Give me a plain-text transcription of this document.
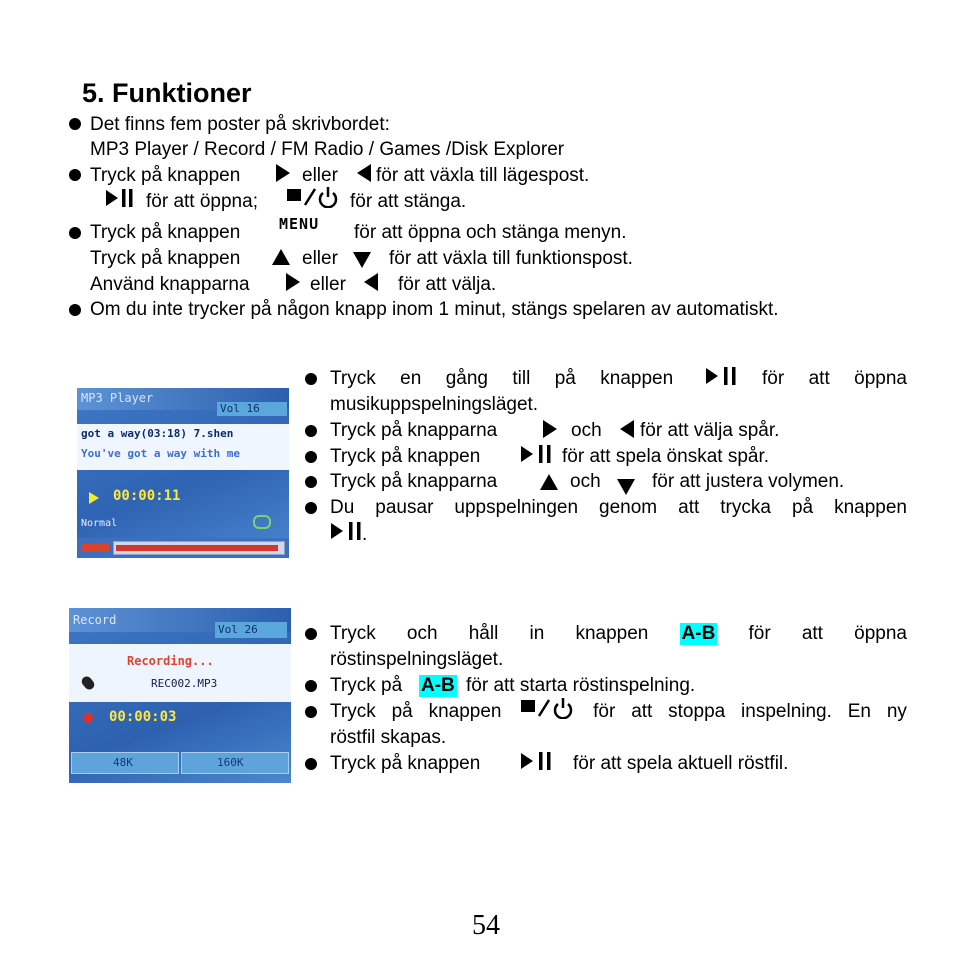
5. Funktioner
Det finns fem poster på skrivbordet:
MP3 Player / Record / FM Radio / Games /Disk Explorer
Tryck på knappen	eller för att växla till lägespost.
för att öppna;	för att stänga.
Tryck på knappen	MENU för att öppna och stänga menyn.
Tryck på knappen	eller	för att växla till funktionspost.
Använd knapparna	eller	för att välja.
Om du inte trycker på någon knapp inom 1 minut, stängs spelaren av automatiskt.
MP3 Player
Vol 16
got a way(03:18) 7.shen
You've got a way with me
00:00:11
Normal
Tryck en gång till på knappen	för att öppna
musikuppspelningsläget.
Tryck på knapparna	och för att välja spår.
Tryck på knappen	för att spela önskat spår.
Tryck på knapparna	och	för att justera volymen.
Du pausar uppspelningen genom att trycka på knappen
.
Record
Vol 26
Recording...
REC002.MP3
00:00:03
48K	160K
Tryck och håll in knappen A-B för att öppna
röstinspelningsläget.
Tryck på A-B för att starta röstinspelning.
Tryck på knappen	för att stoppa inspelning. En ny
röstfil skapas.
Tryck på knappen	för att spela aktuell röstfil.
54
